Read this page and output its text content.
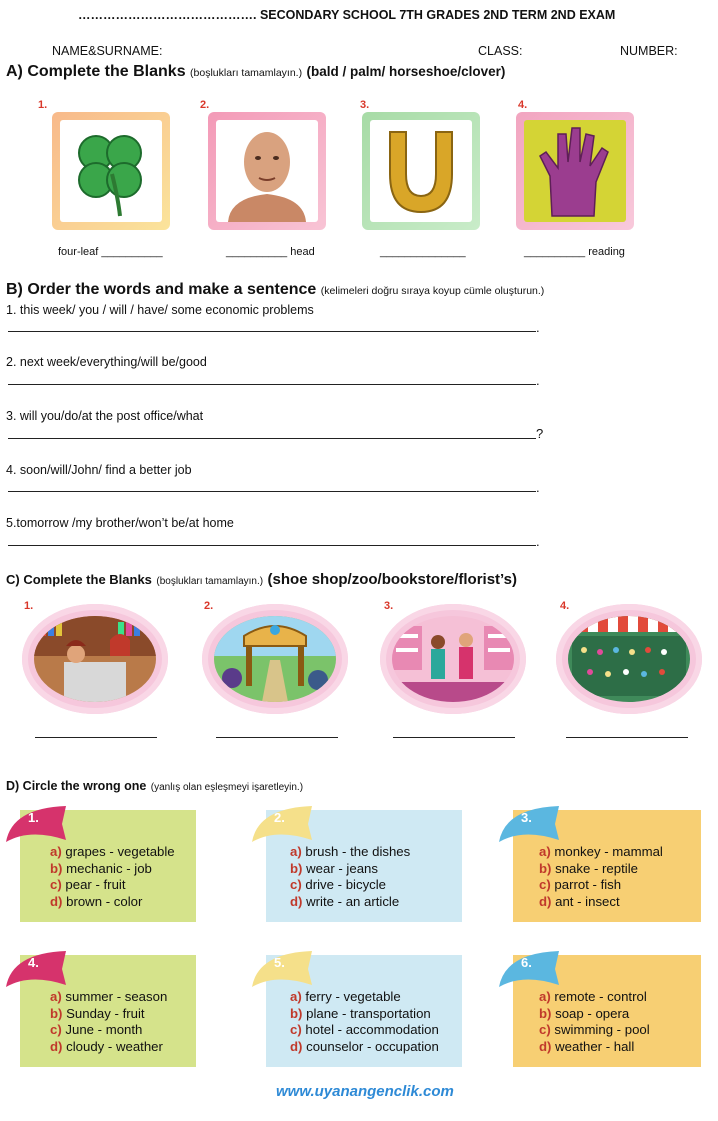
……………………………………. SECONDARY SCHOOL 7TH GRADES 2ND TERM 2ND EXAM
NAME&SURNAME:	CLASS:	NUMBER:
A) Complete the Blanks (boşlukları tamamlayın.) (bald / palm/ horseshoe/clover)
1.
four-leaf __________
2.
__________ head
3.
______________
4.
__________ reading
B) Order the words and make a sentence (kelimeleri doğru sıraya koyup cümle oluşturun.)
1. this week/ you / will / have/ some economic problems
.
2. next week/everything/will be/good
.
3. will you/do/at the post office/what
?
4. soon/will/John/ find a better job
.
5.tomorrow /my brother/won’t be/at home
.
C) Complete the Blanks (boşlukları tamamlayın.) (shoe shop/zoo/bookstore/florist’s)
1.	2.	3.	4.
D) Circle the wrong one (yanlış olan eşleşmeyi işaretleyin.)
1.
a) grapes - vegetable
b) mechanic - job
c) pear - fruit
d) brown - color
2.
a) brush - the dishes
b) wear - jeans
c) drive - bicycle
d) write - an article
3.
a) monkey - mammal
b) snake - reptile
c) parrot - fish
d) ant - insect
4.
a) summer - season
b) Sunday - fruit
c) June - month
d) cloudy - weather
5.
a) ferry - vegetable
b) plane - transportation
c) hotel - accommodation
d) counselor - occupation
6.
a) remote - control
b) soap - opera
c) swimming - pool
d) weather - hall
www.uyanangenclik.com
